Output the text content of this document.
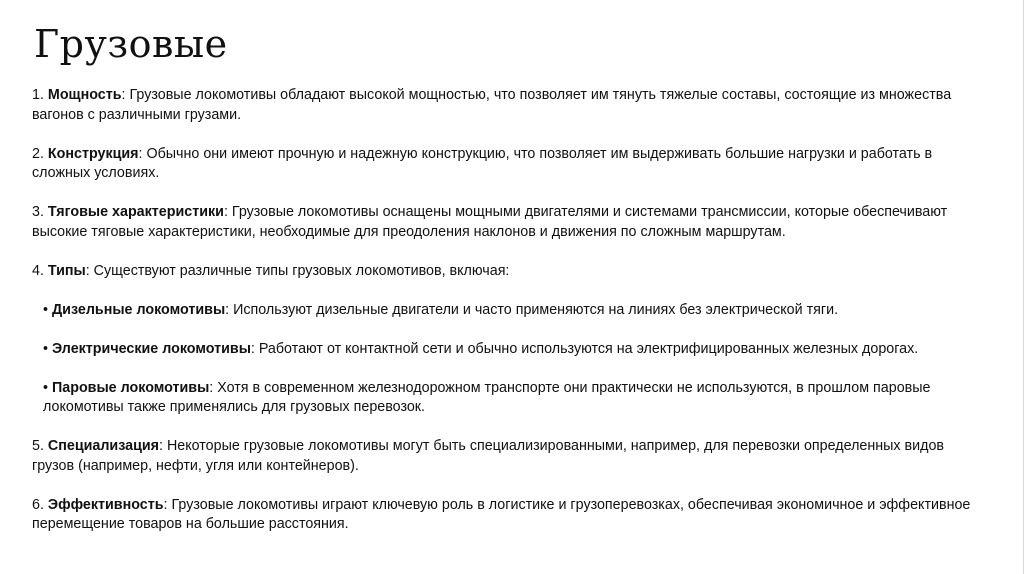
Грузовые

1. Мощность: Грузовые локомотивы обладают высокой мощностью, что позволяет им тянуть тяжелые составы, состоящие из множества вагонов с различными грузами.

2. Конструкция: Обычно они имеют прочную и надежную конструкцию, что позволяет им выдерживать большие нагрузки и работать в сложных условиях.

3. Тяговые характеристики: Грузовые локомотивы оснащены мощными двигателями и системами трансмиссии, которые обеспечивают высокие тяговые характеристики, необходимые для преодоления наклонов и движения по сложным маршрутам.

4. Типы: Существуют различные типы грузовых локомотивов, включая:

• Дизельные локомотивы: Используют дизельные двигатели и часто применяются на линиях без электрической тяги.

• Электрические локомотивы: Работают от контактной сети и обычно используются на электрифицированных железных дорогах.

• Паровые локомотивы: Хотя в современном железнодорожном транспорте они практически не используются, в прошлом паровые локомотивы также применялись для грузовых перевозок.

5. Специализация: Некоторые грузовые локомотивы могут быть специализированными, например, для перевозки определенных видов грузов (например, нефти, угля или контейнеров).

6. Эффективность: Грузовые локомотивы играют ключевую роль в логистике и грузоперевозках, обеспечивая экономичное и эффективное перемещение товаров на большие расстояния.
